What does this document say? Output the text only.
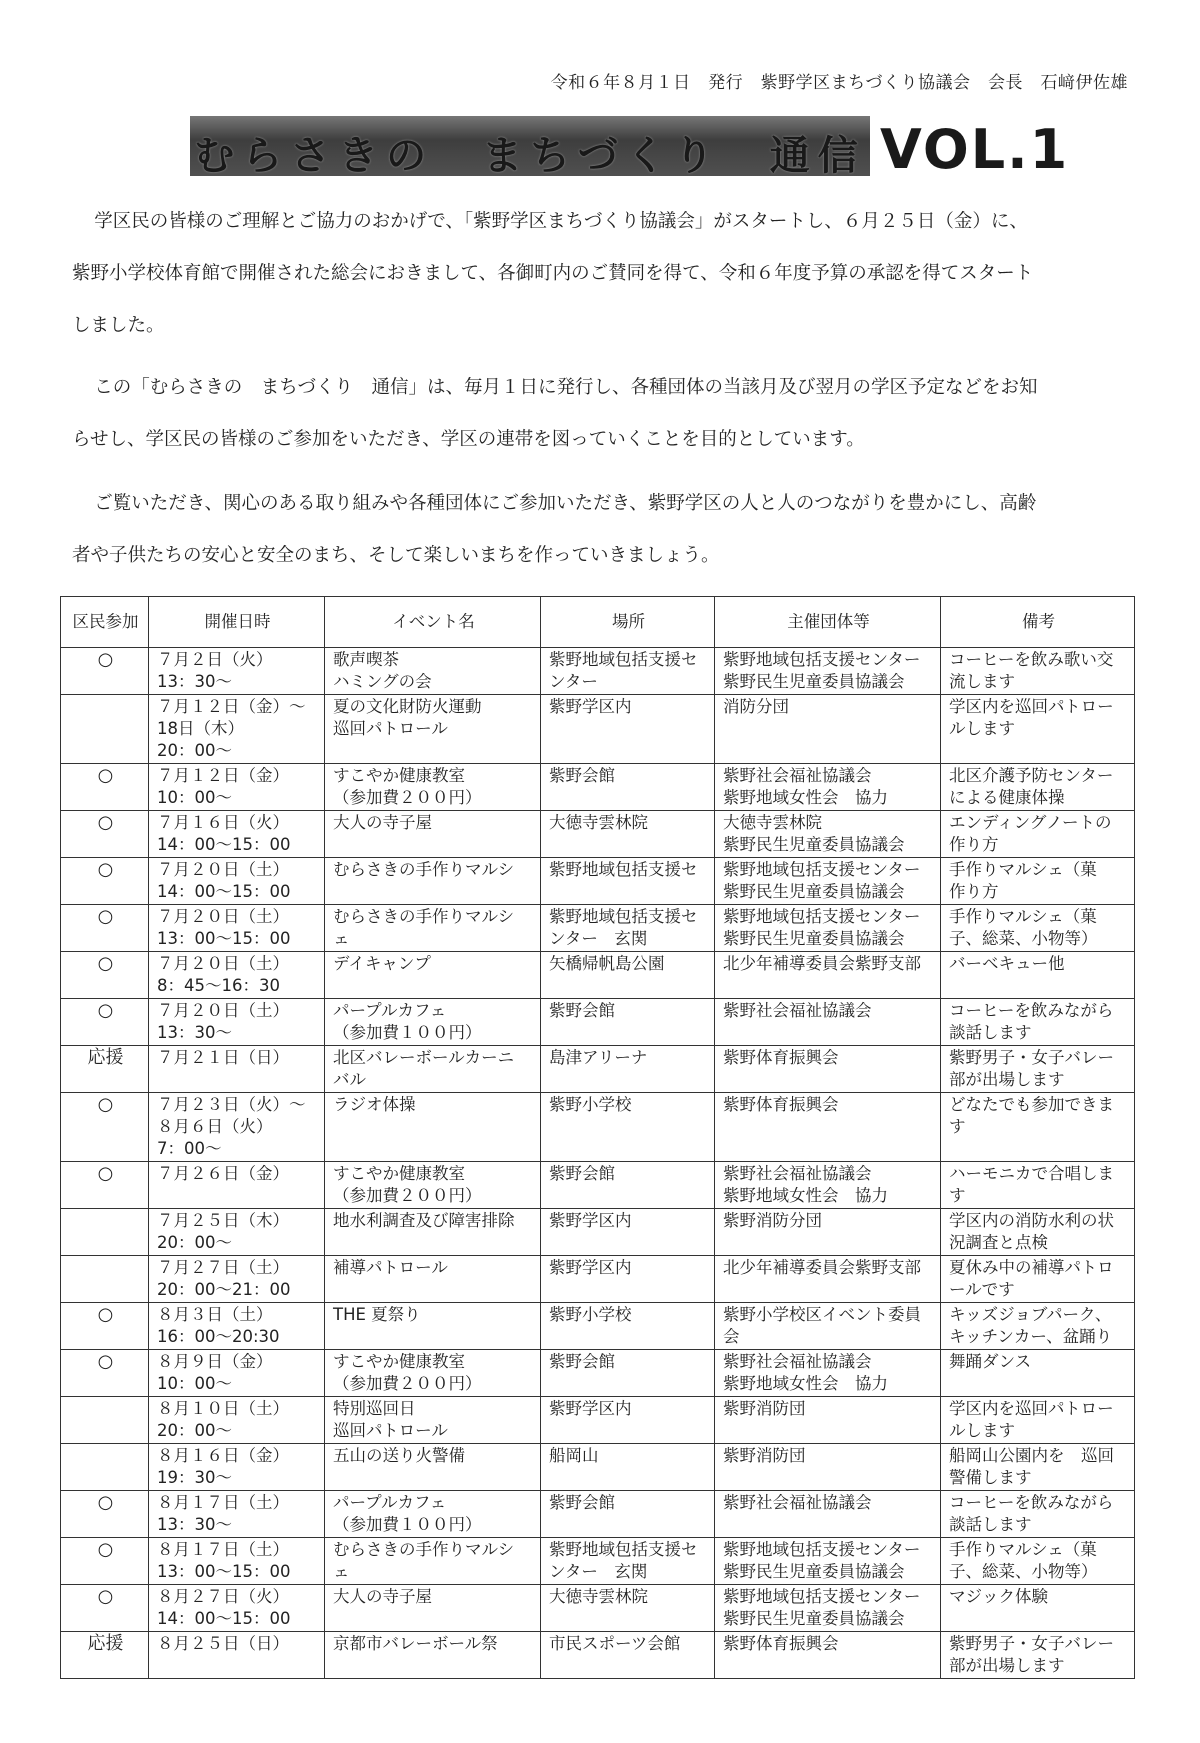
令和６年８月１日　発行　紫野学区まちづくり協議会　会長　石﨑伊佐雄
むらさきの　まちづくり　通信 VOL.1
学区民の皆様のご理解とご協力のおかげで、「紫野学区まちづくり協議会」がスタートし、６月２５日（金）に、
紫野小学校体育館で開催された総会におきまして、各御町内のご賛同を得て、令和６年度予算の承認を得てスタート
しました。
この「むらさきの　まちづくり　通信」は、毎月１日に発行し、各種団体の当該月及び翌月の学区予定などをお知
らせし、学区民の皆様のご参加をいただき、学区の連帯を図っていくことを目的としています。
ご覧いただき、関心のある取り組みや各種団体にご参加いただき、紫野学区の人と人のつながりを豊かにし、高齢
者や子供たちの安心と安全のまち、そして楽しいまちを作っていきましょう。
区民参加	開催日時	イベント名	場所	主催団体等	備考
○	７月２日（火）
13：30～	歌声喫茶
ハミングの会	紫野地域包括支援セ
ンター	紫野地域包括支援センター
紫野民生児童委員協議会	コーヒーを飲み歌い交
流します

	７月１２日（金）～
18日（木）
20：00～	夏の文化財防火運動
巡回パトロール	紫野学区内	消防分団	学区内を巡回パトロー
ルします

○	７月１２日（金）
10：00～	すこやか健康教室
（参加費２００円）	紫野会館	紫野社会福祉協議会
紫野地域女性会　協力	北区介護予防センター
による健康体操

○	７月１６日（火）
14：00～15：00	大人の寺子屋	大徳寺雲林院	大徳寺雲林院
紫野民生児童委員協議会	エンディングノートの
作り方

○	７月２０日（土）
14：00～15：00	むらさきの手作りマルシ	紫野地域包括支援セ	紫野地域包括支援センター
紫野民生児童委員協議会	手作りマルシェ（菓
作り方

○	７月２０日（土）
13：00～15：00	むらさきの手作りマルシ
ェ	紫野地域包括支援セ
ンター　玄関	紫野地域包括支援センター
紫野民生児童委員協議会	手作りマルシェ（菓
子、総菜、小物等）

○	７月２０日（土）
8：45～16：30	デイキャンプ	矢橋帰帆島公園	北少年補導委員会紫野支部	バーベキュー他

○	７月２０日（土）
13：30～	パープルカフェ
（参加費１００円）	紫野会館	紫野社会福祉協議会	コーヒーを飲みながら
談話します

応援	７月２１日（日）	北区バレーボールカーニ
バル	島津アリーナ	紫野体育振興会	紫野男子・女子バレー
部が出場します

○	７月２３日（火）～
８月６日（火）
7：00～	ラジオ体操	紫野小学校	紫野体育振興会	どなたでも参加できま
す

○	７月２６日（金）	すこやか健康教室
（参加費２００円）	紫野会館	紫野社会福祉協議会
紫野地域女性会　協力	ハーモニカで合唱しま
す

	７月２５日（木）
20：00～	地水利調査及び障害排除	紫野学区内	紫野消防分団	学区内の消防水利の状
況調査と点検

	７月２７日（土）
20：00～21：00	補導パトロール	紫野学区内	北少年補導委員会紫野支部	夏休み中の補導パトロ
ールです

○	８月３日（土）
16：00～20:30	THE 夏祭り	紫野小学校	紫野小学校区イベント委員
会	キッズジョブパーク、
キッチンカー、盆踊り

○	８月９日（金）
10：00～	すこやか健康教室
（参加費２００円）	紫野会館	紫野社会福祉協議会
紫野地域女性会　協力	舞踊ダンス

	８月１０日（土）
20：00～	特別巡回日
巡回パトロール	紫野学区内	紫野消防団	学区内を巡回パトロー
ルします

	８月１６日（金）
19：30～	五山の送り火警備	船岡山	紫野消防団	船岡山公園内を　巡回
警備します

○	８月１７日（土）
13：30～	パープルカフェ
（参加費１００円）	紫野会館	紫野社会福祉協議会	コーヒーを飲みながら
談話します

○	８月１７日（土）
13：00～15：00	むらさきの手作りマルシ
ェ	紫野地域包括支援セ
ンター　玄関	紫野地域包括支援センター
紫野民生児童委員協議会	手作りマルシェ（菓
子、総菜、小物等）

○	８月２７日（火）
14：00～15：00	大人の寺子屋	大徳寺雲林院	紫野地域包括支援センター
紫野民生児童委員協議会	マジック体験

応援	８月２５日（日）	京都市バレーボール祭	市民スポーツ会館	紫野体育振興会	紫野男子・女子バレー
部が出場します
